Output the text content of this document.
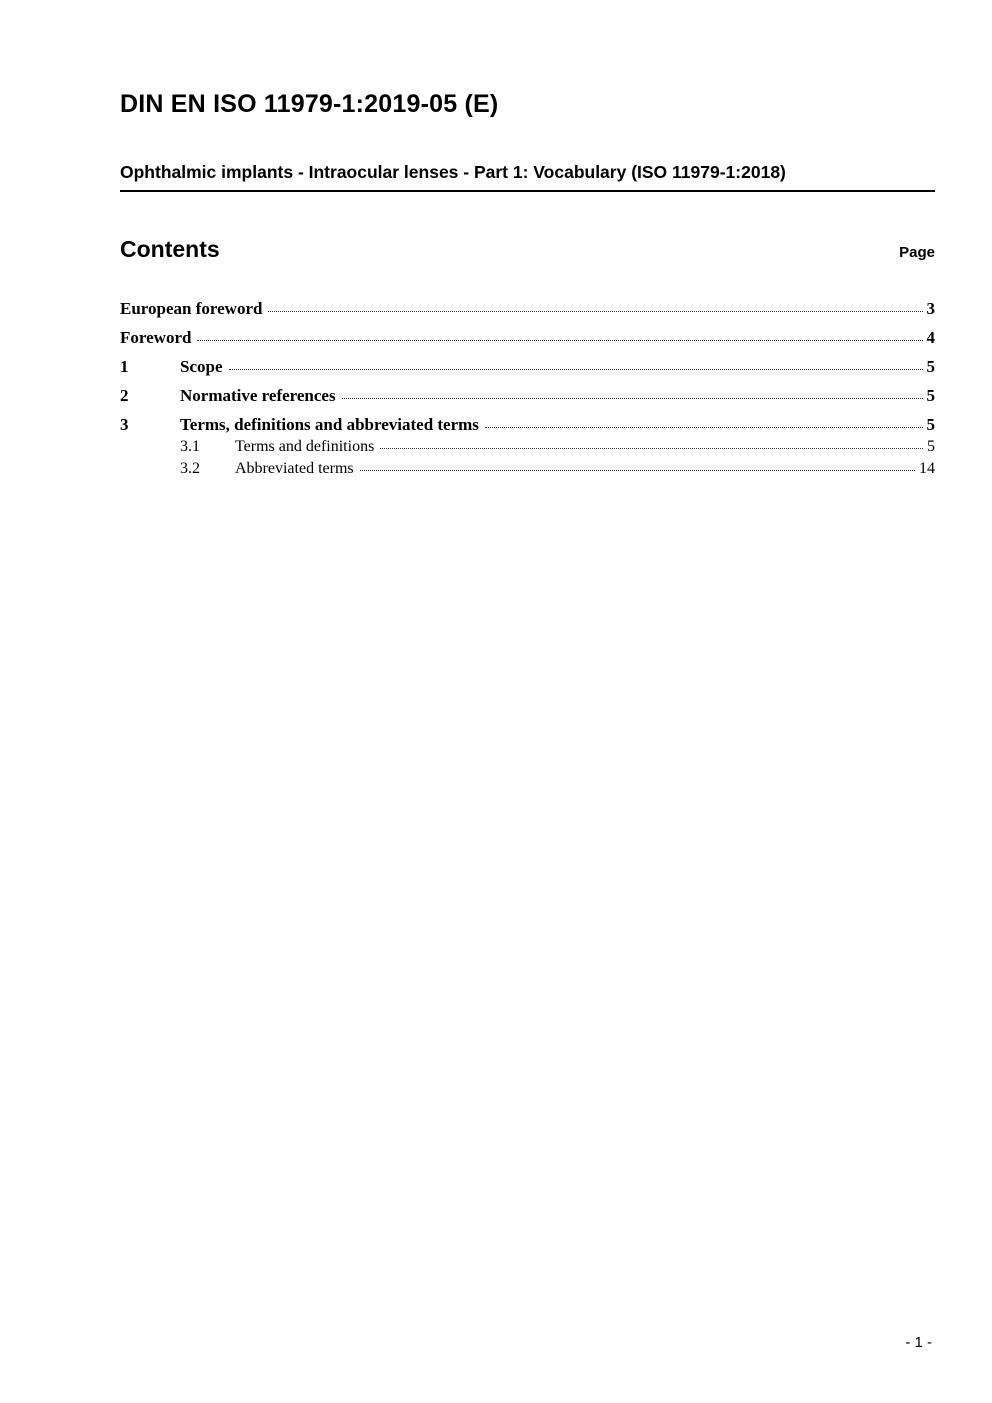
DIN EN ISO 11979-1:2019-05 (E)
Ophthalmic implants - Intraocular lenses - Part 1: Vocabulary (ISO 11979-1:2018)
Contents	Page
European foreword	3
Foreword	4
1	Scope	5
2	Normative references	5
3	Terms, definitions and abbreviated terms	5
3.1	Terms and definitions	5
3.2	Abbreviated terms	14
- 1 -
